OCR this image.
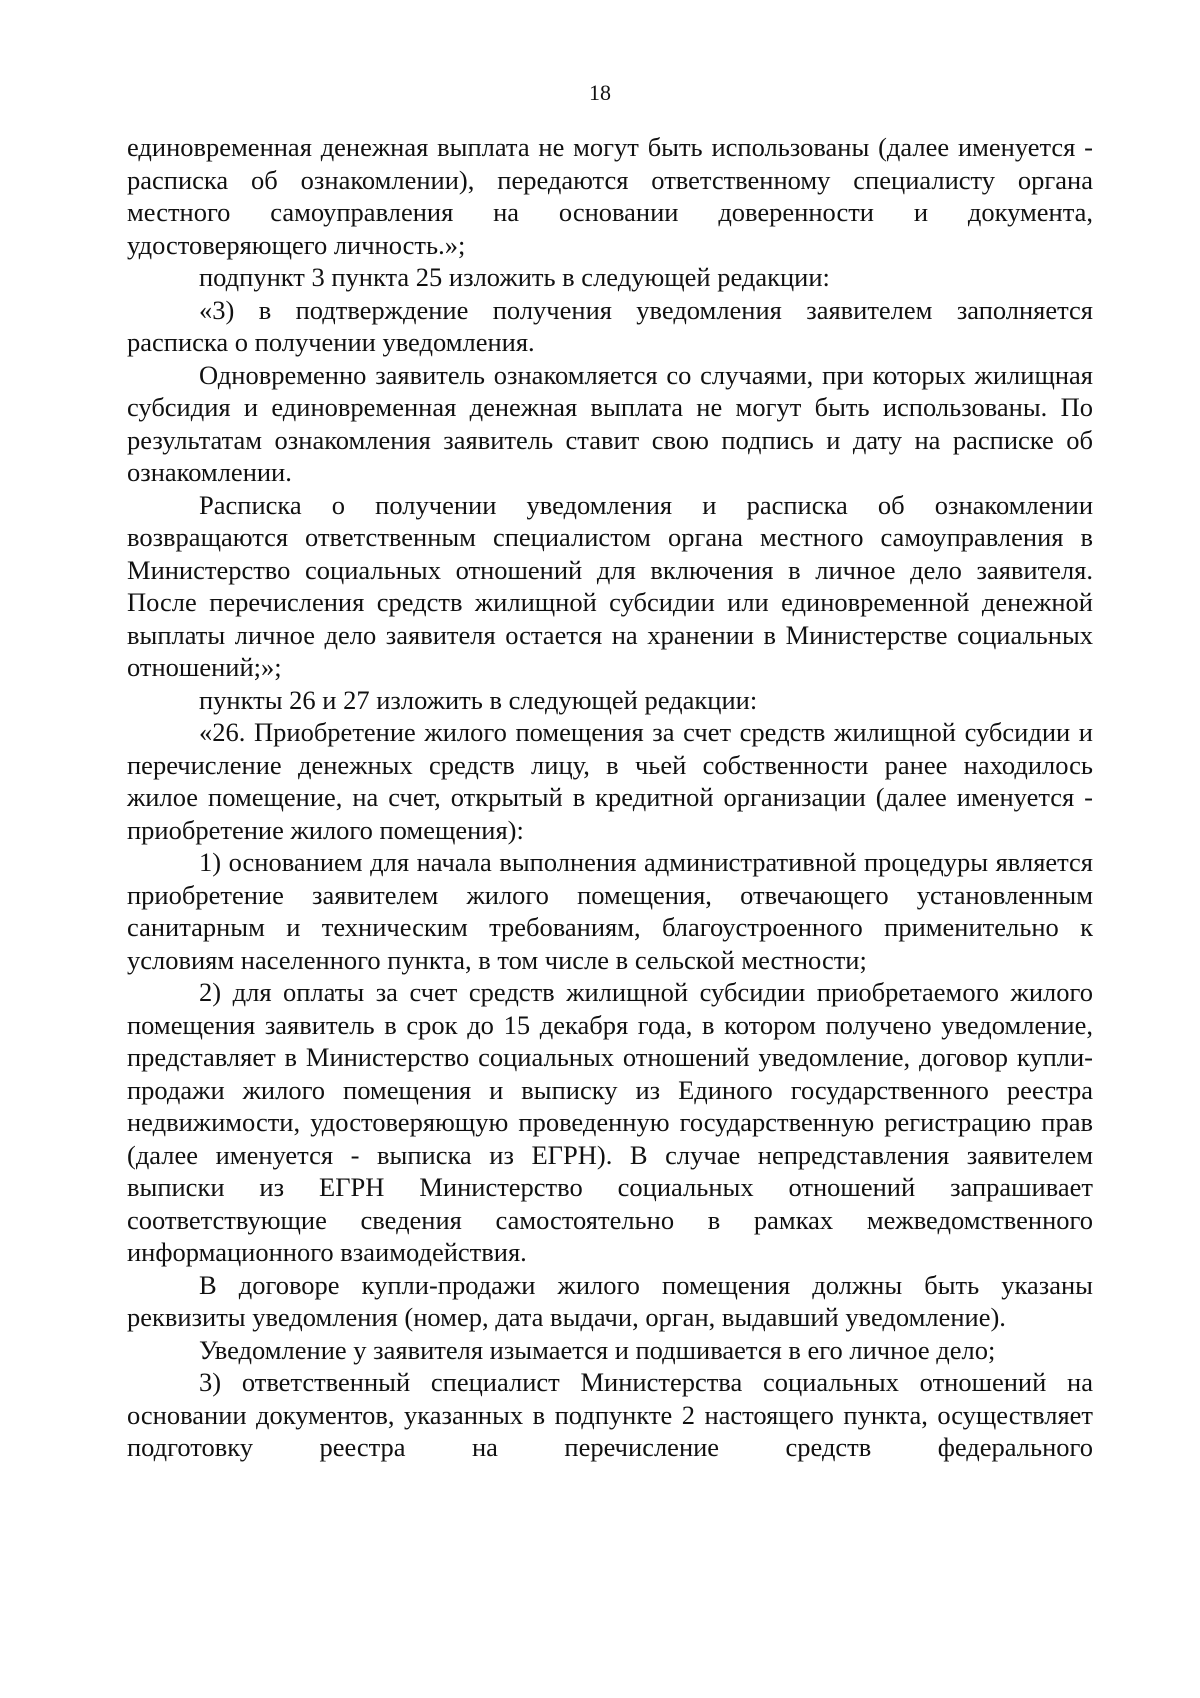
18

единовременная денежная выплата не могут быть использованы (далее именуется - расписка об ознакомлении), передаются ответственному специалисту органа местного самоуправления на основании доверенности и документа, удостоверяющего личность.»;

подпункт 3 пункта 25 изложить в следующей редакции:

«3) в подтверждение получения уведомления заявителем заполняется расписка о получении уведомления.

Одновременно заявитель ознакомляется со случаями, при которых жилищная субсидия и единовременная денежная выплата не могут быть использованы. По результатам ознакомления заявитель ставит свою подпись и дату на расписке об ознакомлении.

Расписка о получении уведомления и расписка об ознакомлении возвращаются ответственным специалистом органа местного самоуправления в Министерство социальных отношений для включения в личное дело заявителя. После перечисления средств жилищной субсидии или единовременной денежной выплаты личное дело заявителя остается на хранении в Министерстве социальных отношений;»;

пункты 26 и 27 изложить в следующей редакции:

«26. Приобретение жилого помещения за счет средств жилищной субсидии и перечисление денежных средств лицу, в чьей собственности ранее находилось жилое помещение, на счет, открытый в кредитной организации (далее именуется - приобретение жилого помещения):

1) основанием для начала выполнения административной процедуры является приобретение заявителем жилого помещения, отвечающего установленным санитарным и техническим требованиям, благоустроенного применительно к условиям населенного пункта, в том числе в сельской местности;

2) для оплаты за счет средств жилищной субсидии приобретаемого жилого помещения заявитель в срок до 15 декабря года, в котором получено уведомление, представляет в Министерство социальных отношений уведомление, договор купли-продажи жилого помещения и выписку из Единого государственного реестра недвижимости, удостоверяющую проведенную государственную регистрацию прав (далее именуется - выписка из ЕГРН). В случае непредставления заявителем выписки из ЕГРН Министерство социальных отношений запрашивает соответствующие сведения самостоятельно в рамках межведомственного информационного взаимодействия.

В договоре купли-продажи жилого помещения должны быть указаны реквизиты уведомления (номер, дата выдачи, орган, выдавший уведомление).

Уведомление у заявителя изымается и подшивается в его личное дело;

3) ответственный специалист Министерства социальных отношений на основании документов, указанных в подпункте 2 настоящего пункта, осуществляет подготовку реестра на перечисление средств федерального
